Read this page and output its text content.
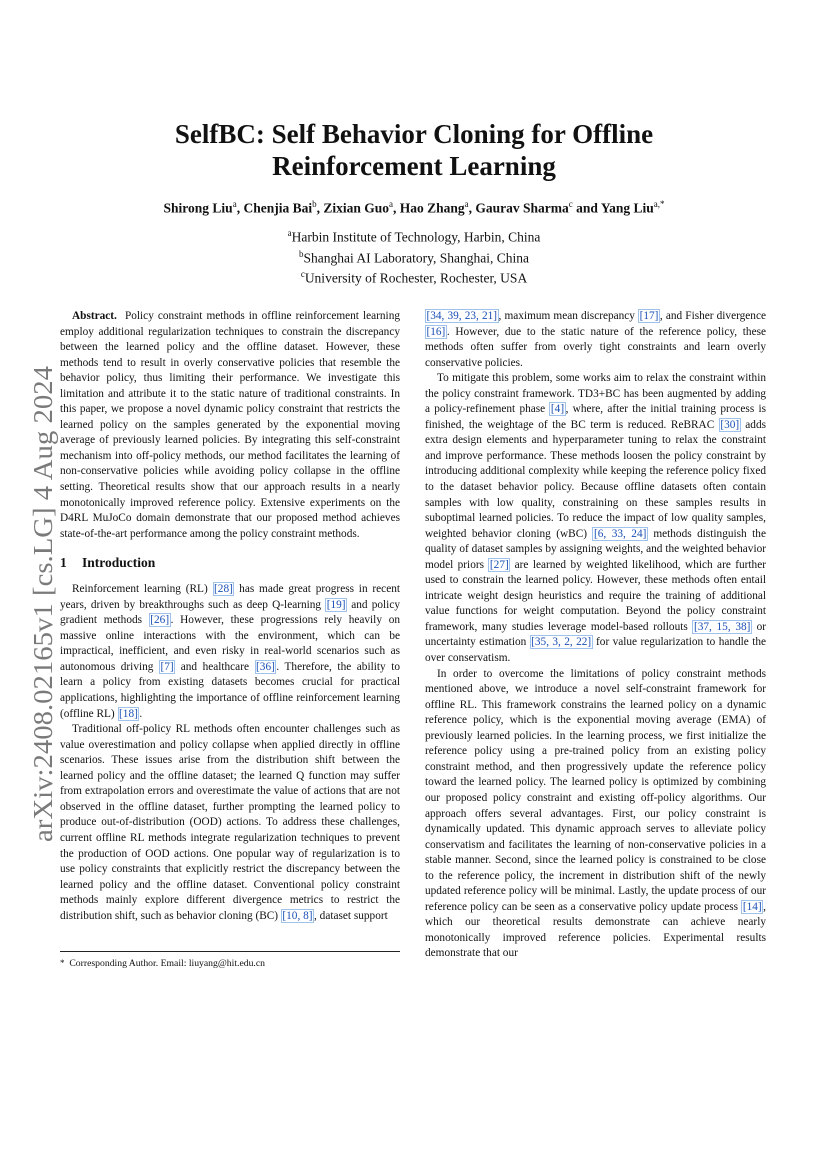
arXiv:2408.02165v1 [cs.LG] 4 Aug 2024
SelfBC: Self Behavior Cloning for Offline
Reinforcement Learning
Shirong Liu$^a$, Chenjia Bai$^b$, Zixian Guo$^a$, Hao Zhang$^a$, Gaurav Sharma$^c$ and Yang Liu$^{a,*}$
$^a$Harbin Institute of Technology, Harbin, China
$^b$Shanghai AI Laboratory, Shanghai, China
$^c$University of Rochester, Rochester, USA

Abstract. Policy constraint methods in offline reinforcement learning employ additional regularization techniques to constrain the discrepancy between the learned policy and the offline dataset. However, these methods tend to result in overly conservative policies that resemble the behavior policy, thus limiting their performance. We investigate this limitation and attribute it to the static nature of traditional constraints. In this paper, we propose a novel dynamic policy constraint that restricts the learned policy on the samples generated by the exponential moving average of previously learned policies. By integrating this self-constraint mechanism into off-policy methods, our method facilitates the learning of non-conservative policies while avoiding policy collapse in the offline setting. Theoretical results show that our approach results in a nearly monotonically improved reference policy. Extensive experiments on the D4RL MuJoCo domain demonstrate that our proposed method achieves state-of-the-art performance among the policy constraint methods.

1 Introduction

Reinforcement learning (RL) [28] has made great progress in recent years, driven by breakthroughs such as deep Q-learning [19] and policy gradient methods [26] . However, these progressions rely heavily on massive online interactions with the environment, which can be impractical, inefficient, and even risky in real-world scenarios such as autonomous driving [7] and healthcare [36] . Therefore, the ability to learn a policy from existing datasets becomes crucial for practical applications, highlighting the importance of offline reinforcement learning (offline RL) [18] .

Traditional off-policy RL methods often encounter challenges such as value overestimation and policy collapse when applied directly in offline scenarios. These issues arise from the distribution shift between the learned policy and the offline dataset; the learned Q function may suffer from extrapolation errors and overestimate the value of actions that are not observed in the offline dataset, further prompting the learned policy to produce out-of-distribution (OOD) actions. To address these challenges, current offline RL methods integrate regularization techniques to prevent the production of OOD actions. One popular way of regularization is to use policy constraints that explicitly restrict the discrepancy between the learned policy and the offline dataset. Conventional policy constraint methods mainly explore different divergence metrics to restrict the distribution shift, such as behavior cloning (BC) [10, 8] , dataset support

* Corresponding Author. Email: liuyang@hit.edu.cn

[34, 39, 23, 21] , maximum mean discrepancy [17] , and Fisher divergence [16] . However, due to the static nature of the reference policy, these methods often suffer from overly tight constraints and learn overly conservative policies.

To mitigate this problem, some works aim to relax the constraint within the policy constraint framework. TD3+BC has been augmented by adding a policy-refinement phase [4] , where, after the initial training process is finished, the weightage of the BC term is reduced. ReBRAC [30] adds extra design elements and hyperparameter tuning to relax the constraint and improve performance. These methods loosen the policy constraint by introducing additional complexity while keeping the reference policy fixed to the dataset behavior policy. Because offline datasets often contain samples with low quality, constraining on these samples results in suboptimal learned policies. To reduce the impact of low quality samples, weighted behavior cloning (wBC) [6, 33, 24] methods distinguish the quality of dataset samples by assigning weights, and the weighted behavior model priors [27] are learned by weighted likelihood, which are further used to constrain the learned policy. However, these methods often entail intricate weight design heuristics and require the training of additional value functions for weight computation. Beyond the policy constraint framework, many studies leverage model-based rollouts [37, 15, 38] or uncertainty estimation [35, 3, 2, 22] for value regularization to handle the over conservatism.

In order to overcome the limitations of policy constraint methods mentioned above, we introduce a novel self-constraint framework for offline RL. This framework constrains the learned policy on a dynamic reference policy, which is the exponential moving average (EMA) of previously learned policies. In the learning process, we first initialize the reference policy using a pre-trained policy from an existing policy constraint method, and then progressively update the reference policy toward the learned policy. The learned policy is optimized by combining our proposed policy constraint and existing off-policy algorithms. Our approach offers several advantages. First, our policy constraint is dynamically updated. This dynamic approach serves to alleviate policy conservatism and facilitates the learning of non-conservative policies in a stable manner. Second, since the learned policy is constrained to be close to the reference policy, the increment in distribution shift of the newly updated reference policy will be minimal. Lastly, the update process of our reference policy can be seen as a conservative policy update process [14] , which our theoretical results demonstrate can achieve nearly monotonically improved reference policies. Experimental results demonstrate that our
